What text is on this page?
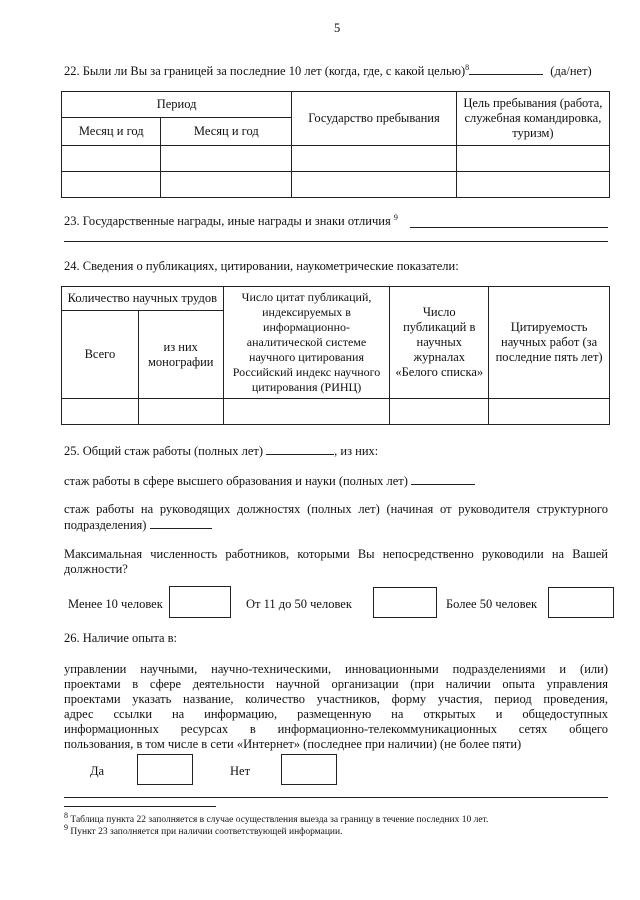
5
22. Были ли Вы за границей за последние 10 лет (когда, где, с какой целью)$^8$	(да/нет)
Период		Государство пребывания	Цель пребывания (работа, служебная командировка, туризм)
Месяц и год	Месяц и год		

23. Государственные награды, иные награды и знаки отличия $^9$
24. Сведения о публикациях, цитировании, наукометрические показатели:
Количество научных трудов		Число цитат публикаций, индексируемых в информационно-аналитической системе научного цитирования Российский индекс научного цитирования (РИНЦ)	Число публикаций в научных журналах «Белого списка»	Цитируемость научных работ (за последние пять лет)
Всего	из них монографии			

25. Общий стаж работы (полных лет)	, из них:
стаж работы в сфере высшего образования и науки (полных лет)
стаж работы на руководящих должностях (полных лет) (начиная от руководителя структурного
подразделения)
Максимальная численность работников, которыми Вы непосредственно руководили на Вашей
должности?
Менее 10 человек	От 11 до 50 человек	Более 50 человек
26. Наличие опыта в:
управлении научными, научно-техническими, инновационными подразделениями и (или)
проектами в сфере деятельности научной организации (при наличии опыта управления
проектами указать название, количество участников, форму участия, период проведения,
адрес ссылки на информацию, размещенную на открытых и общедоступных
информационных ресурсах в информационно-телекоммуникационных сетях общего
пользования, в том числе в сети «Интернет» (последнее при наличии) (не более пяти)
Да	Нет
$^8$ Таблица пункта 22 заполняется в случае осуществления выезда за границу в течение последних 10 лет.
$^9$ Пункт 23 заполняется при наличии соответствующей информации.
